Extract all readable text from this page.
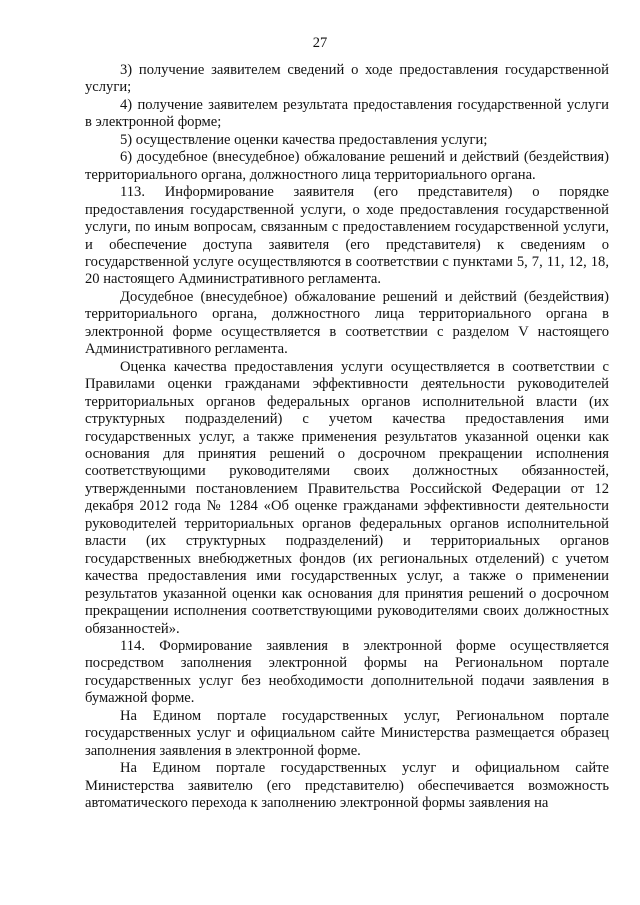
27

3) получение заявителем сведений о ходе предоставления государственной услуги;

4) получение заявителем результата предоставления государственной услуги в электронной форме;

5) осуществление оценки качества предоставления услуги;

6) досудебное (внесудебное) обжалование решений и действий (бездействия) территориального органа, должностного лица территориального органа.

113. Информирование заявителя (его представителя) о порядке предоставления государственной услуги, о ходе предоставления государственной услуги, по иным вопросам, связанным с предоставлением государственной услуги, и обеспечение доступа заявителя (его представителя) к сведениям о государственной услуге осуществляются в соответствии с пунктами 5, 7, 11, 12, 18, 20 настоящего Административного регламента.

Досудебное (внесудебное) обжалование решений и действий (бездействия) территориального органа, должностного лица территориального органа в электронной форме осуществляется в соответствии с разделом V настоящего Административного регламента.

Оценка качества предоставления услуги осуществляется в соответствии с Правилами оценки гражданами эффективности деятельности руководителей территориальных органов федеральных органов исполнительной власти (их структурных подразделений) с учетом качества предоставления ими государственных услуг, а также применения результатов указанной оценки как основания для принятия решений о досрочном прекращении исполнения соответствующими руководителями своих должностных обязанностей, утвержденными постановлением Правительства Российской Федерации от 12 декабря 2012 года № 1284 «Об оценке гражданами эффективности деятельности руководителей территориальных органов федеральных органов исполнительной власти (их структурных подразделений) и территориальных органов государственных внебюджетных фондов (их региональных отделений) с учетом качества предоставления ими государственных услуг, а также о применении результатов указанной оценки как основания для принятия решений о досрочном прекращении исполнения соответствующими руководителями своих должностных обязанностей».

114. Формирование заявления в электронной форме осуществляется посредством заполнения электронной формы на Региональном портале государственных услуг без необходимости дополнительной подачи заявления в бумажной форме.

На Едином портале государственных услуг, Региональном портале государственных услуг и официальном сайте Министерства размещается образец заполнения заявления в электронной форме.

На Едином портале государственных услуг и официальном сайте Министерства заявителю (его представителю) обеспечивается возможность автоматического перехода к заполнению электронной формы заявления на
